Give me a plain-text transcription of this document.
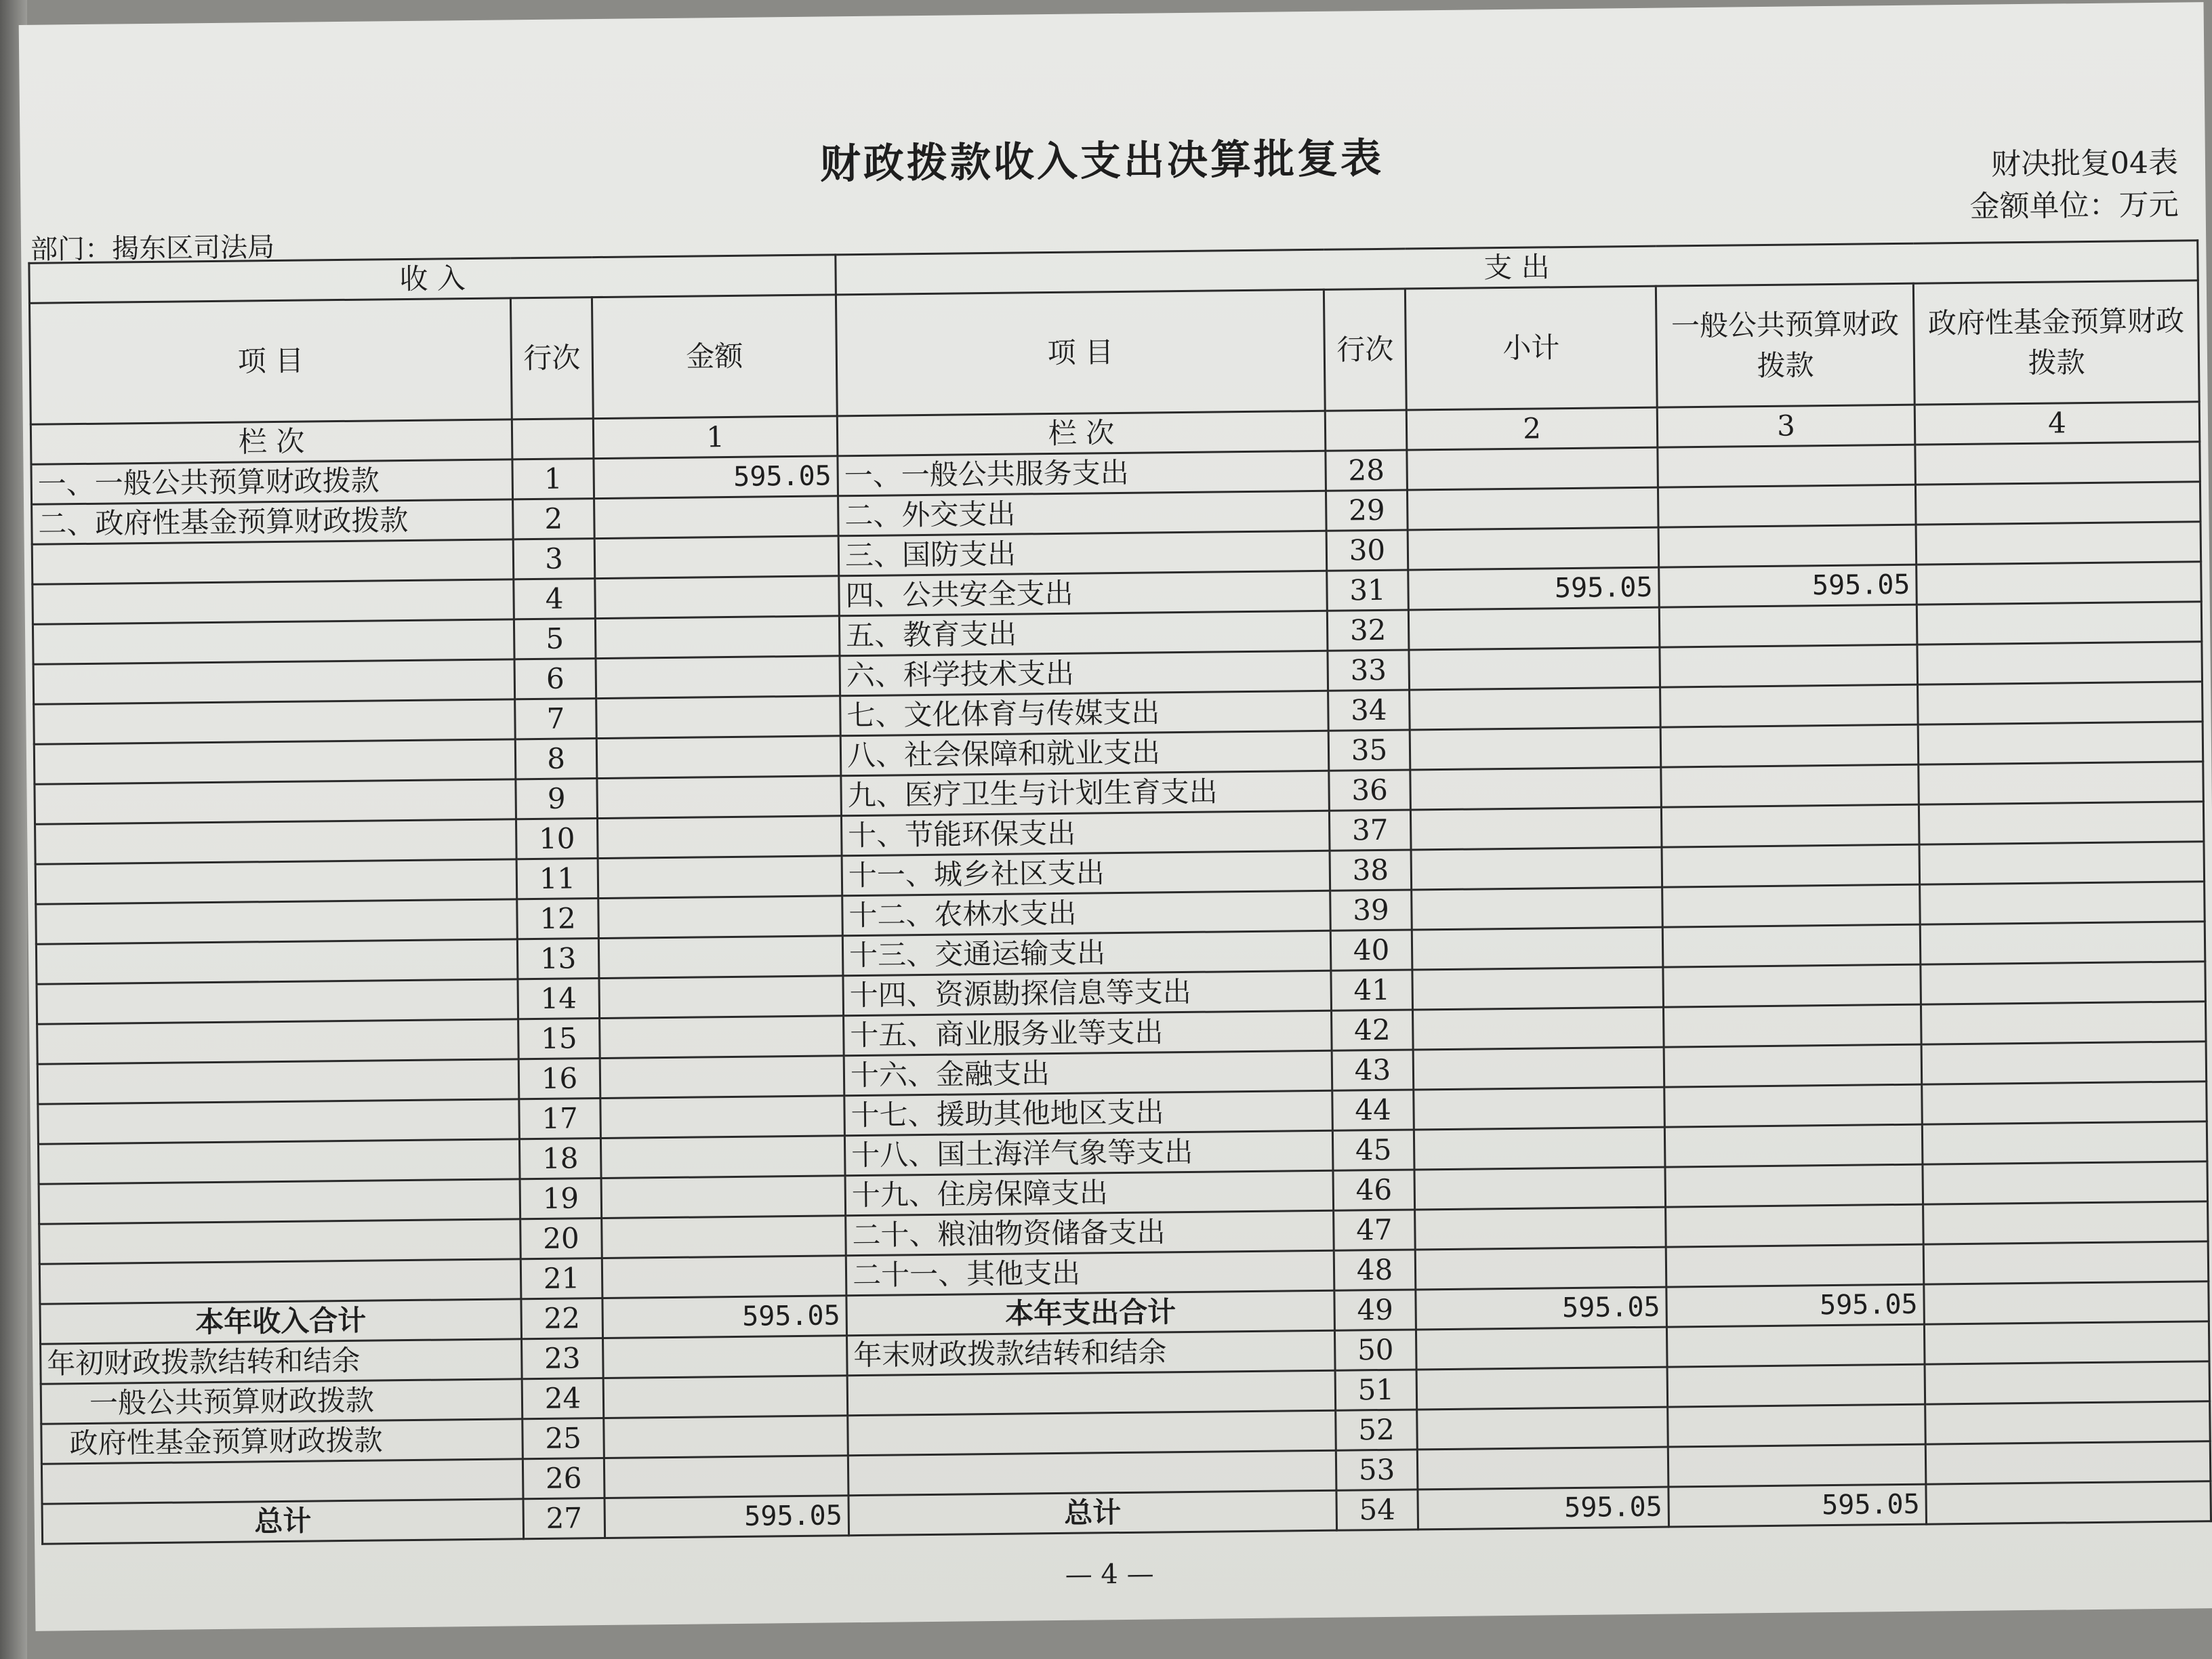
财政拨款收入支出决算批复表	财决批复04表
金额单位：万元
部门：揭东区司法局
收 入			支 出				
项 目	行次	金额	项 目	行次	小计	一般公共预算财政拨款	政府性基金预算财政拨款
栏 次		1	栏 次		2	3	4
一、一般公共预算财政拨款	1	595.05	一、一般公共服务支出	28			
二、政府性基金预算财政拨款	2		二、外交支出	29			
	3		三、国防支出	30			
	4		四、公共安全支出	31	595.05	595.05	
	5		五、教育支出	32			
	6		六、科学技术支出	33			
	7		七、文化体育与传媒支出	34			
	8		八、社会保障和就业支出	35			
	9		九、医疗卫生与计划生育支出	36			
	10		十、节能环保支出	37			
	11		十一、城乡社区支出	38			
	12		十二、农林水支出	39			
	13		十三、交通运输支出	40			
	14		十四、资源勘探信息等支出	41			
	15		十五、商业服务业等支出	42			
	16		十六、金融支出	43			
	17		十七、援助其他地区支出	44			
	18		十八、国土海洋气象等支出	45			
	19		十九、住房保障支出	46			
	20		二十、粮油物资储备支出	47			
	21		二十一、其他支出	48			
本年收入合计	22	595.05	本年支出合计	49	595.05	595.05	
年初财政拨款结转和结余	23		年末财政拨款结转和结余	50			
一般公共预算财政拨款	24			51			
政府性基金预算财政拨款	25			52			
	26			53			
总计	27	595.05	总计	54	595.05	595.05	
— 4 —
